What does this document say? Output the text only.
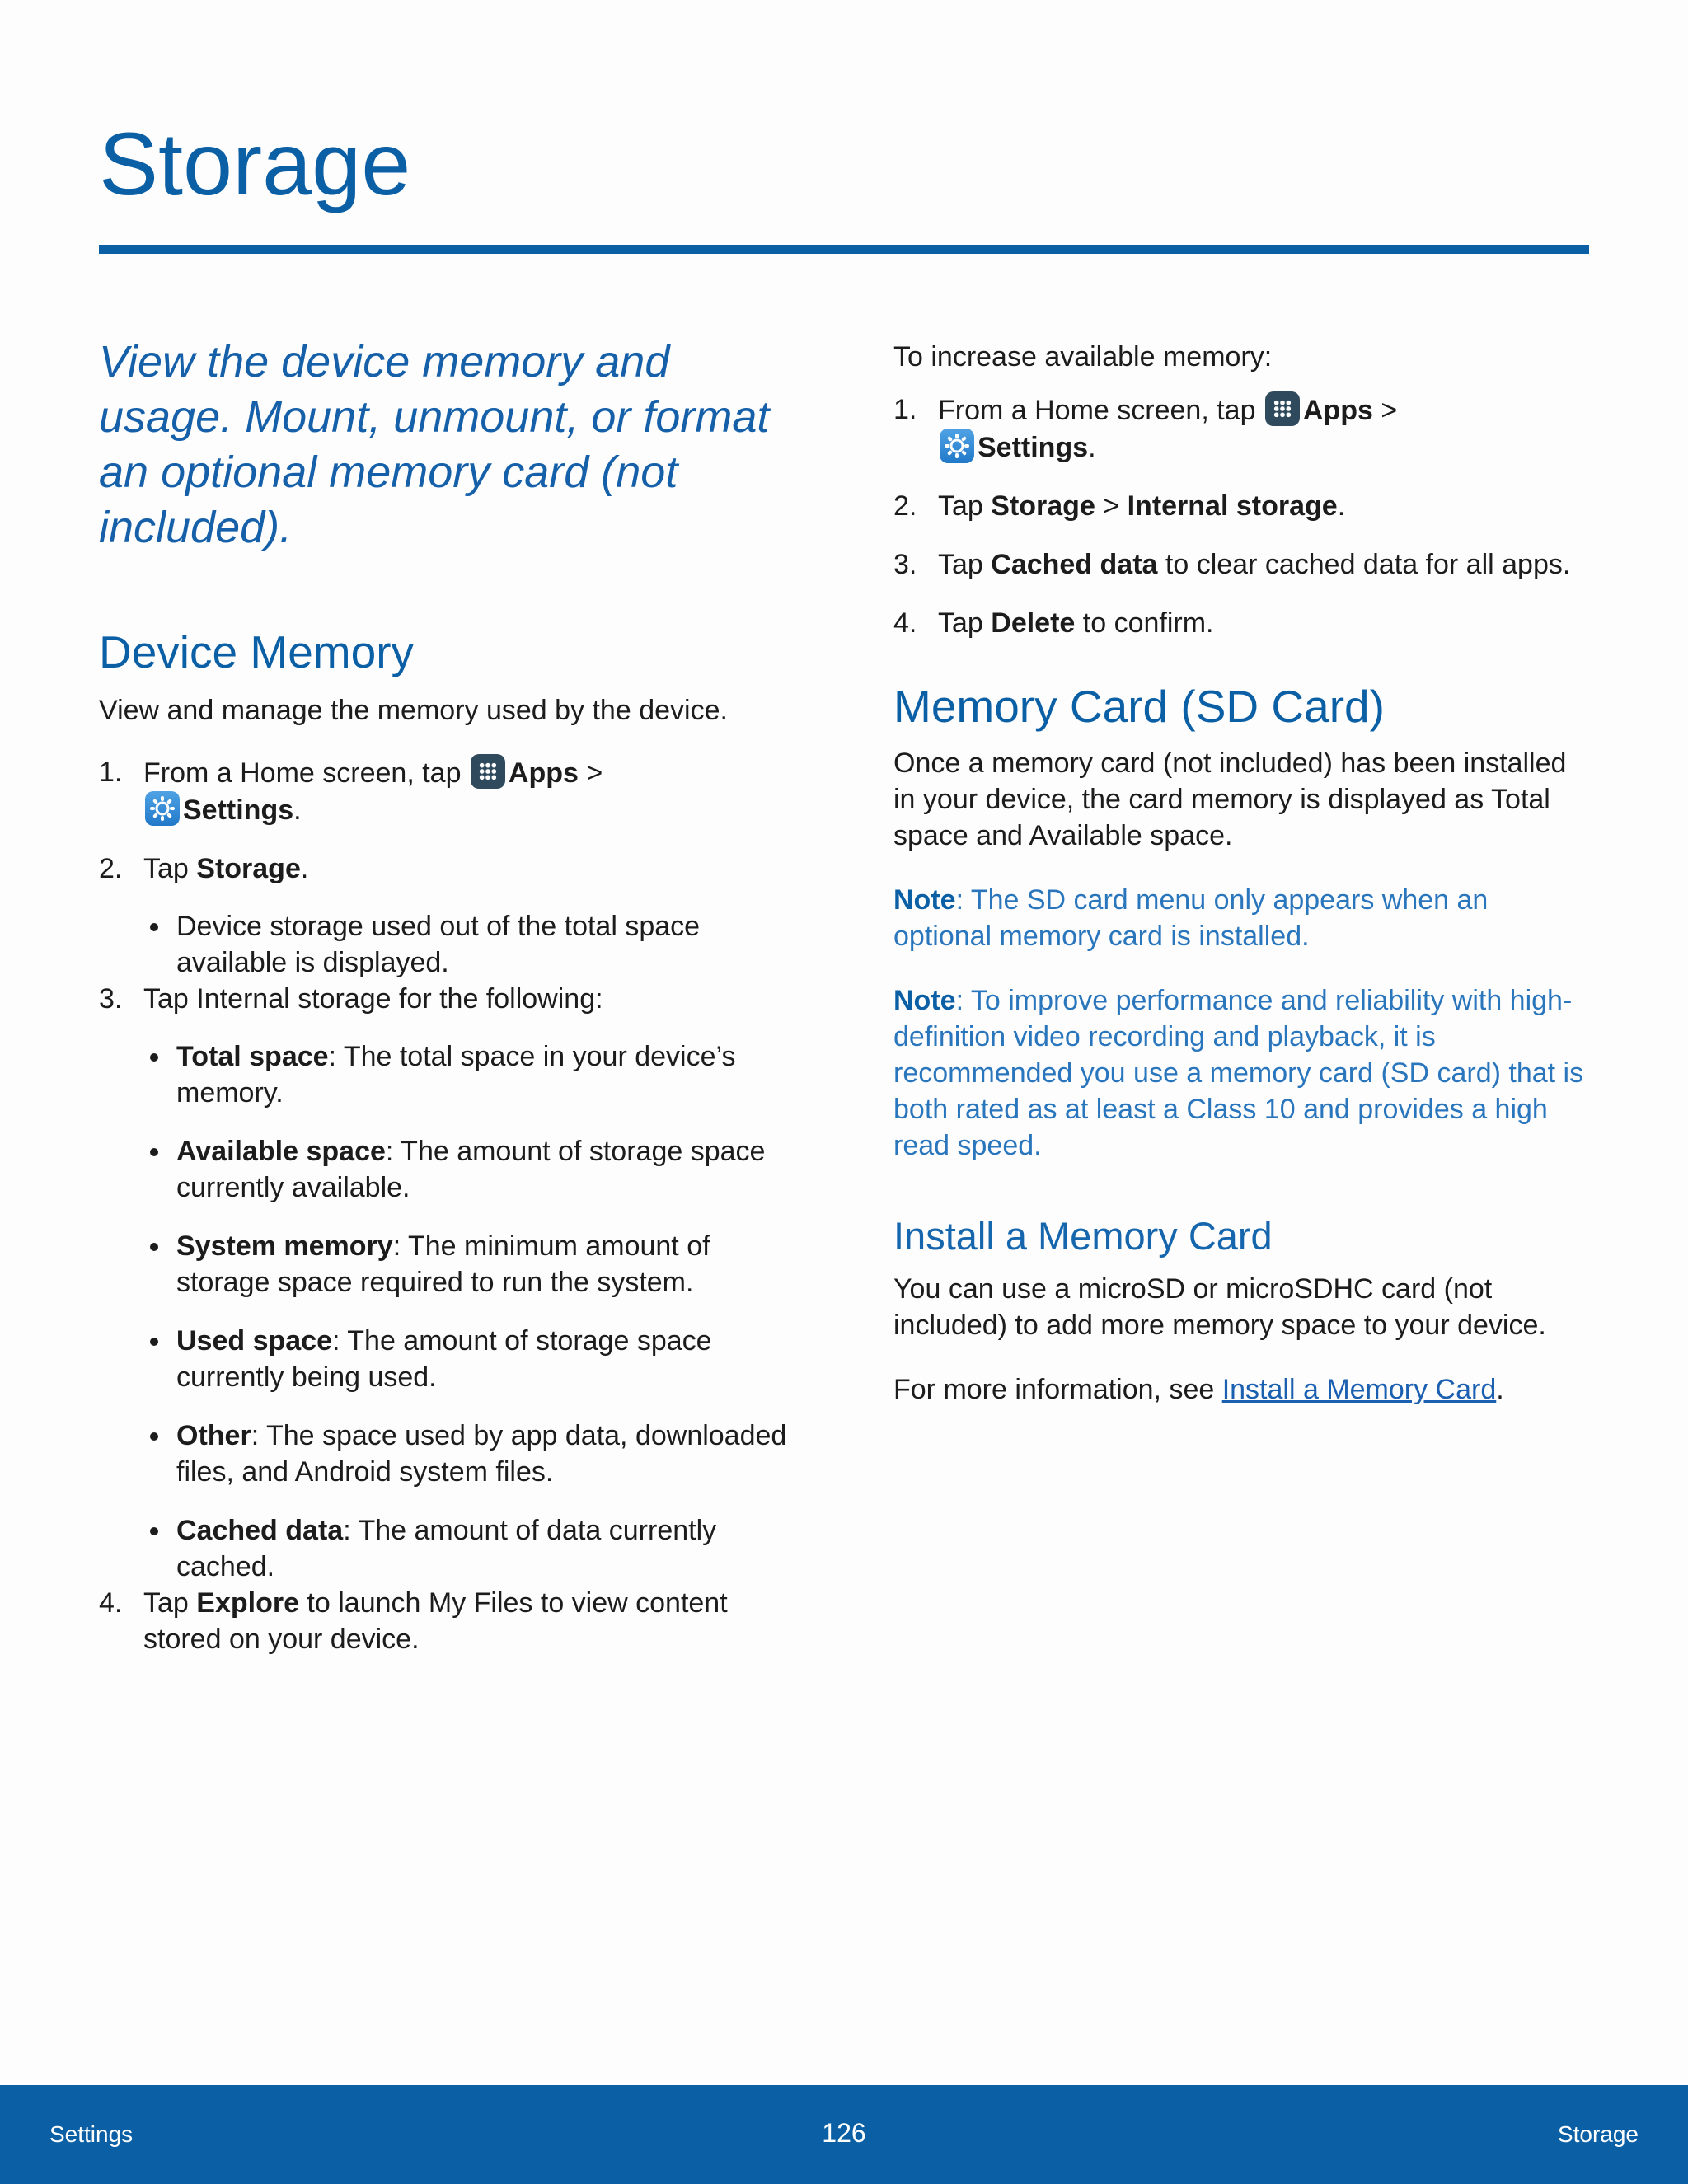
Storage

View the device memory and usage. Mount, unmount, or format an optional memory card (not included).

Device Memory

View and manage the memory used by the device.

1. From a Home screen, tap
Apps >

Settings.
2. Tap Storage.
Device storage used out of the total space available is displayed.
3. Tap Internal storage for the following:
Total space: The total space in your device’s memory.
Available space: The amount of storage space currently available.
System memory: The minimum amount of storage space required to run the system.
Used space: The amount of storage space currently being used.
Other: The space used by app data, downloaded files, and Android system files.
Cached data: The amount of data currently cached.
4. Tap Explore to launch My Files to view content stored on your device.

To increase available memory:

1. From a Home screen, tap
Apps >

Settings.
2. Tap Storage > Internal storage.
3. Tap Cached data to clear cached data for all apps.
4. Tap Delete to confirm.
Memory Card (SD Card)

Once a memory card (not included) has been installed in your device, the card memory is displayed as Total space and Available space.

Note: The SD card menu only appears when an optional memory card is installed.

Note: To improve performance and reliability with high-definition video recording and playback, it is recommended you use a memory card (SD card) that is both rated as at least a Class 10 and provides a high read speed.

Install a Memory Card

You can use a microSD or microSDHC card (not included) to add more memory space to your device.

For more information, see Install a Memory Card.

Settings	126	Storage
